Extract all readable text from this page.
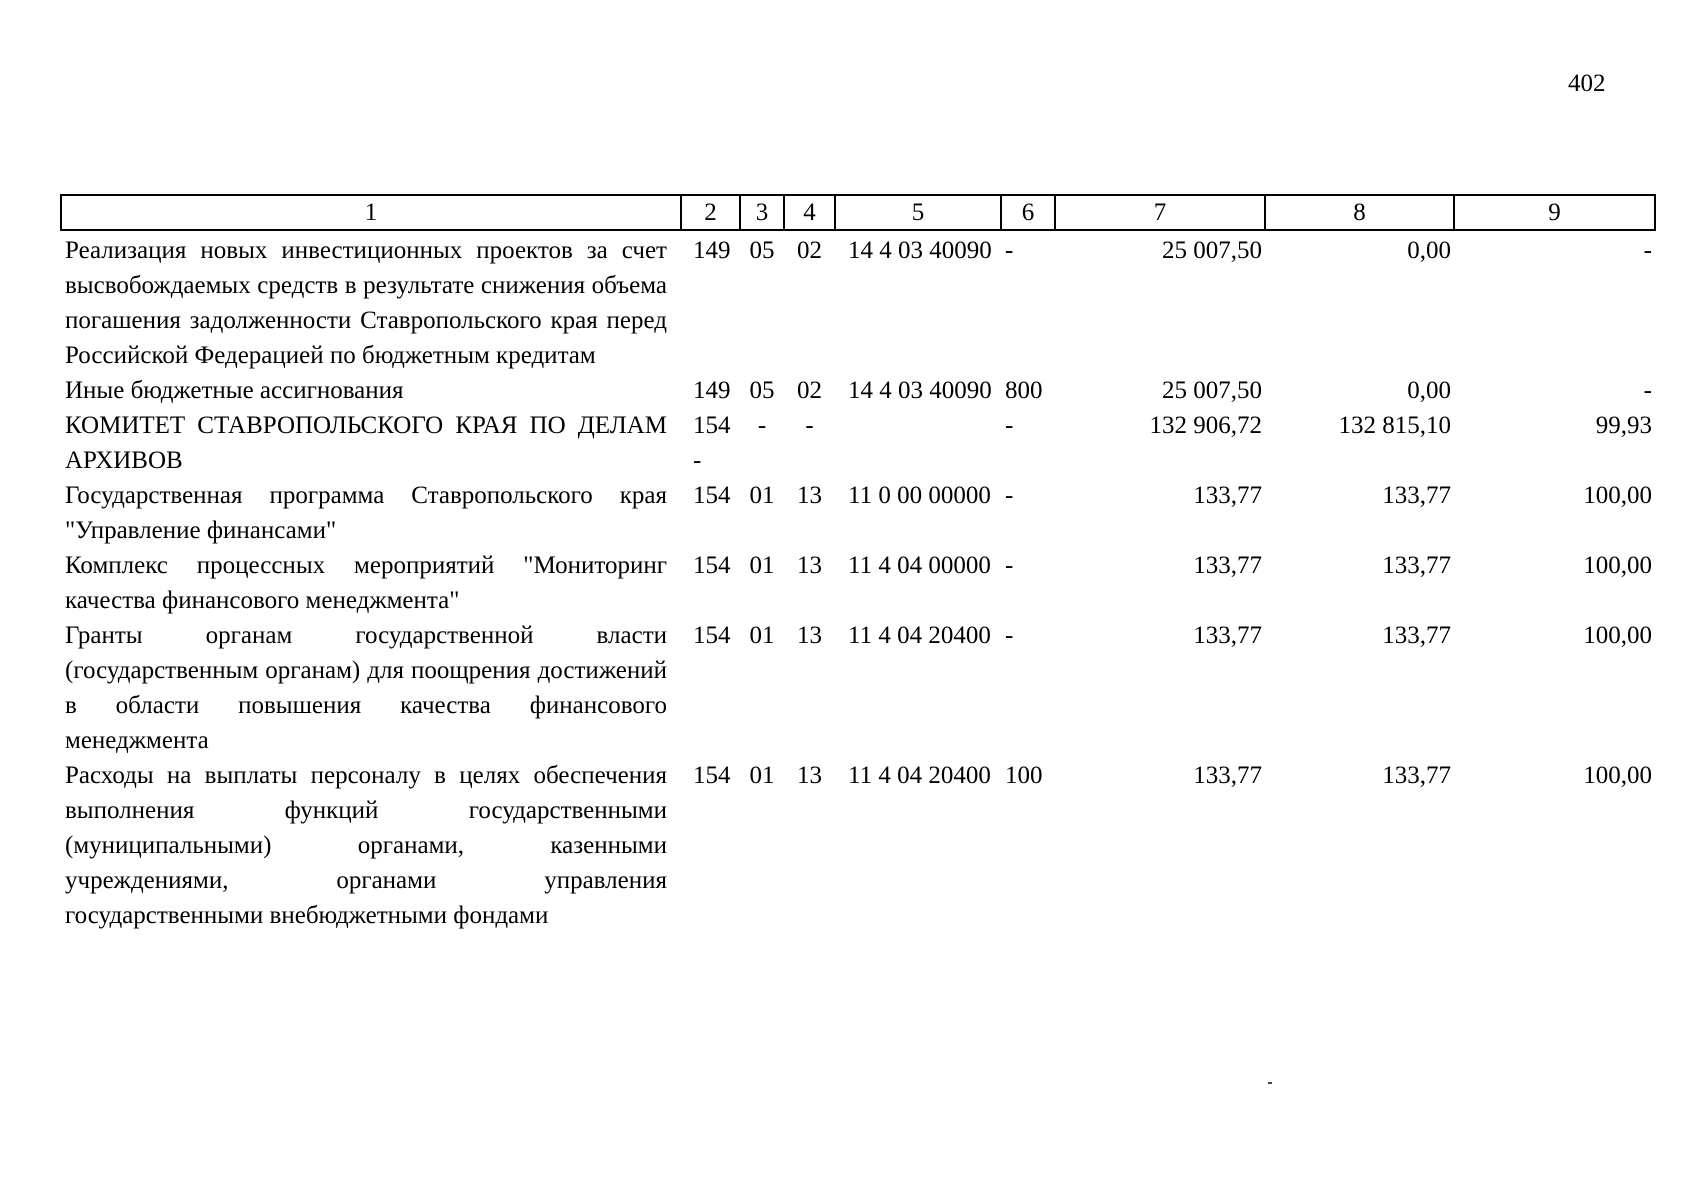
402
1	2	3	4	5	6	7	8	9
Реализация новых инвестиционных проектов за счет высвобождаемых средств в результате снижения объема погашения задолженности Ставропольского края перед Российской Федерацией по бюджетным кредитам	149	05	02	14 4 03 40090	-	25 007,50	0,00	-
Иные бюджетные ассигнования	149	05	02	14 4 03 40090	800	25 007,50	0,00	-
КОМИТЕТ СТАВРОПОЛЬСКОГО КРАЯ ПО ДЕЛАМ АРХИВОВ	154 -	-	-		-	132 906,72	132 815,10	99,93
Государственная программа Ставропольского края "Управление финансами"	154	01	13	11 0 00 00000	-	133,77	133,77	100,00
Комплекс процессных мероприятий "Мониторинг качества финансового менеджмента"	154	01	13	11 4 04 00000	-	133,77	133,77	100,00
Гранты органам государственной власти (государственным органам) для поощрения достижений в области повышения качества финансового менеджмента	154	01	13	11 4 04 20400	-	133,77	133,77	100,00
Расходы на выплаты персоналу в целях обеспечения выполнения функций государственными (муниципальными) органами, казенными учреждениями, органами управления государственными внебюджетными фондами	154	01	13	11 4 04 20400	100	133,77	133,77	100,00
